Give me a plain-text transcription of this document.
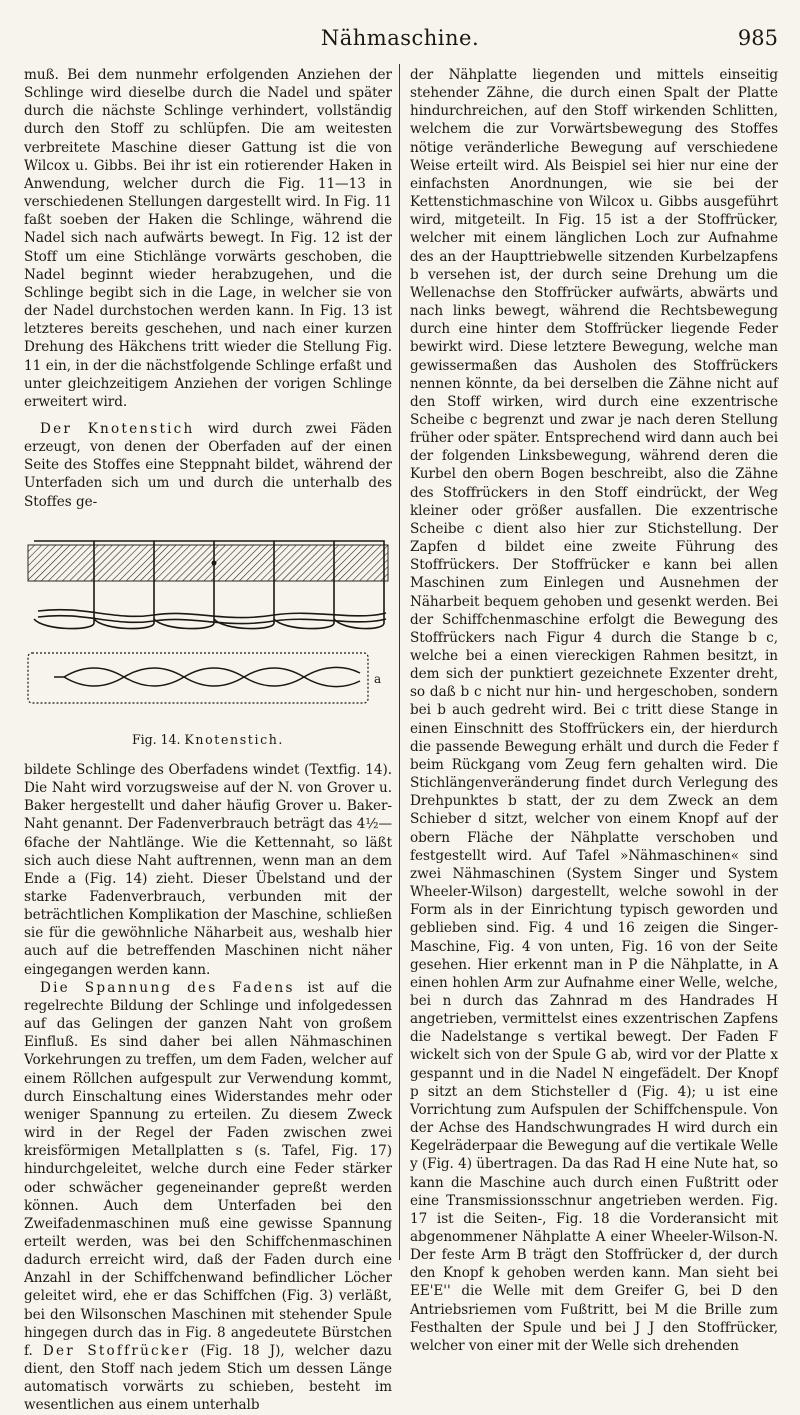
Nähmaschine.	985

muß. Bei dem nunmehr erfolgenden Anziehen der Schlinge wird dieselbe durch die Nadel und später durch die nächste Schlinge verhindert, vollständig durch den Stoff zu schlüpfen. Die am weitesten verbreitete Maschine dieser Gattung ist die von Wilcox u. Gibbs. Bei ihr ist ein rotierender Haken in Anwendung, welcher durch die Fig. 11—13 in verschiedenen Stellungen dargestellt wird. In Fig. 11 faßt soeben der Haken die Schlinge, während die Nadel sich nach aufwärts bewegt. In Fig. 12 ist der Stoff um eine Stichlänge vorwärts geschoben, die Nadel beginnt wieder herabzugehen, und die Schlinge begibt sich in die Lage, in welcher sie von der Nadel durchstochen werden kann. In Fig. 13 ist letzteres bereits geschehen, und nach einer kurzen Drehung des Häkchens tritt wieder die Stellung Fig. 11 ein, in der die nächstfolgende Schlinge erfaßt und unter gleichzeitigem Anziehen der vorigen Schlinge erweitert wird.

Der Knotenstich wird durch zwei Fäden erzeugt, von denen der Oberfaden auf der einen Seite des Stoffes eine Steppnaht bildet, während der Unterfaden sich um und durch die unterhalb des Stoffes ge-

a
Fig. 14. Knotenstich.

bildete Schlinge des Oberfadens windet (Textfig. 14). Die Naht wird vorzugsweise auf der N. von Grover u. Baker hergestellt und daher häufig Grover u. Baker-Naht genannt. Der Fadenverbrauch beträgt das 4½—6fache der Nahtlänge. Wie die Kettennaht, so läßt sich auch diese Naht auftrennen, wenn man an dem Ende a (Fig. 14) zieht. Dieser Übelstand und der starke Fadenverbrauch, verbunden mit der beträchtlichen Komplikation der Maschine, schließen sie für die gewöhnliche Näharbeit aus, weshalb hier auch auf die betreffenden Maschinen nicht näher eingegangen werden kann.

Die Spannung des Fadens ist auf die regelrechte Bildung der Schlinge und infolgedessen auf das Gelingen der ganzen Naht von großem Einfluß. Es sind daher bei allen Nähmaschinen Vorkehrungen zu treffen, um dem Faden, welcher auf einem Röllchen aufgespult zur Verwendung kommt, durch Einschaltung eines Widerstandes mehr oder weniger Spannung zu erteilen. Zu diesem Zweck wird in der Regel der Faden zwischen zwei kreisförmigen Metallplatten s (s. Tafel, Fig. 17) hindurchgeleitet, welche durch eine Feder stärker oder schwächer gegeneinander gepreßt werden können. Auch dem Unterfaden bei den Zweifadenmaschinen muß eine gewisse Spannung erteilt werden, was bei den Schiffchenmaschinen dadurch erreicht wird, daß der Faden durch eine Anzahl in der Schiffchenwand befindlicher Löcher geleitet wird, ehe er das Schiffchen (Fig. 3) verläßt, bei den Wilsonschen Maschinen mit stehender Spule hingegen durch das in Fig. 8 angedeutete Bürstchen f. Der Stoffrücker (Fig. 18 J), welcher dazu dient, den Stoff nach jedem Stich um dessen Länge automatisch vorwärts zu schieben, besteht im wesentlichen aus einem unterhalb

der Nähplatte liegenden und mittels einseitig stehender Zähne, die durch einen Spalt der Platte hindurchreichen, auf den Stoff wirkenden Schlitten, welchem die zur Vorwärtsbewegung des Stoffes nötige veränderliche Bewegung auf verschiedene Weise erteilt wird. Als Beispiel sei hier nur eine der einfachsten Anordnungen, wie sie bei der Kettenstichmaschine von Wilcox u. Gibbs ausgeführt wird, mitgeteilt. In Fig. 15 ist a der Stoffrücker, welcher mit einem länglichen Loch zur Aufnahme des an der Haupttriebwelle sitzenden Kurbelzapfens b versehen ist, der durch seine Drehung um die Wellenachse den Stoffrücker aufwärts, abwärts und nach links bewegt, während die Rechtsbewegung durch eine hinter dem Stoffrücker liegende Feder bewirkt wird. Diese letztere Bewegung, welche man gewissermaßen das Ausholen des Stoffrückers nennen könnte, da bei derselben die Zähne nicht auf den Stoff wirken, wird durch eine exzentrische Scheibe c begrenzt und zwar je nach deren Stellung früher oder später. Entsprechend wird dann auch bei der folgenden Linksbewegung, während deren die Kurbel den obern Bogen beschreibt, also die Zähne des Stoffrückers in den Stoff eindrückt, der Weg kleiner oder größer ausfallen. Die exzentrische Scheibe c dient also hier zur Stichstellung. Der Zapfen d bildet eine zweite Führung des Stoffrückers. Der Stoffrücker e kann bei allen Maschinen zum Einlegen und Ausnehmen der Näharbeit bequem gehoben und gesenkt werden. Bei der Schiffchenmaschine erfolgt die Bewegung des Stoffrückers nach Figur 4 durch die Stange b c, welche bei a einen viereckigen Rahmen besitzt, in dem sich der punktiert gezeichnete Exzenter dreht, so daß b c nicht nur hin- und hergeschoben, sondern bei b auch gedreht wird. Bei c tritt diese Stange in einen Einschnitt des Stoffrückers ein, der hierdurch die passende Bewegung erhält und durch die Feder f beim Rückgang vom Zeug fern gehalten wird. Die Stichlängenveränderung findet durch Verlegung des Drehpunktes b statt, der zu dem Zweck an dem Schieber d sitzt, welcher von einem Knopf auf der obern Fläche der Nähplatte verschoben und festgestellt wird. Auf Tafel »Nähmaschinen« sind zwei Nähmaschinen (System Singer und System Wheeler-Wilson) dargestellt, welche sowohl in der Form als in der Einrichtung typisch geworden und geblieben sind. Fig. 4 und 16 zeigen die Singer-Maschine, Fig. 4 von unten, Fig. 16 von der Seite gesehen. Hier erkennt man in P die Nähplatte, in A einen hohlen Arm zur Aufnahme einer Welle, welche, bei n durch das Zahnrad m des Handrades H angetrieben, vermittelst eines exzentrischen Zapfens die Nadelstange s vertikal bewegt. Der Faden F wickelt sich von der Spule G ab, wird vor der Platte x gespannt und in die Nadel N eingefädelt. Der Knopf p sitzt an dem Stichsteller d (Fig. 4); u ist eine Vorrichtung zum Aufspulen der Schiffchenspule. Von der Achse des Handschwungrades H wird durch ein Kegelräderpaar die Bewegung auf die vertikale Welle y (Fig. 4) übertragen. Da das Rad H eine Nute hat, so kann die Maschine auch durch einen Fußtritt oder eine Transmissionsschnur angetrieben werden. Fig. 17 ist die Seiten-, Fig. 18 die Vorderansicht mit abgenommener Nähplatte A einer Wheeler-Wilson-N. Der feste Arm B trägt den Stoffrücker d, der durch den Knopf k gehoben werden kann. Man sieht bei EE'E'' die Welle mit dem Greifer G, bei D den Antriebsriemen vom Fußtritt, bei M die Brille zum Festhalten der Spule und bei J J den Stoffrücker, welcher von einer mit der Welle sich drehenden
